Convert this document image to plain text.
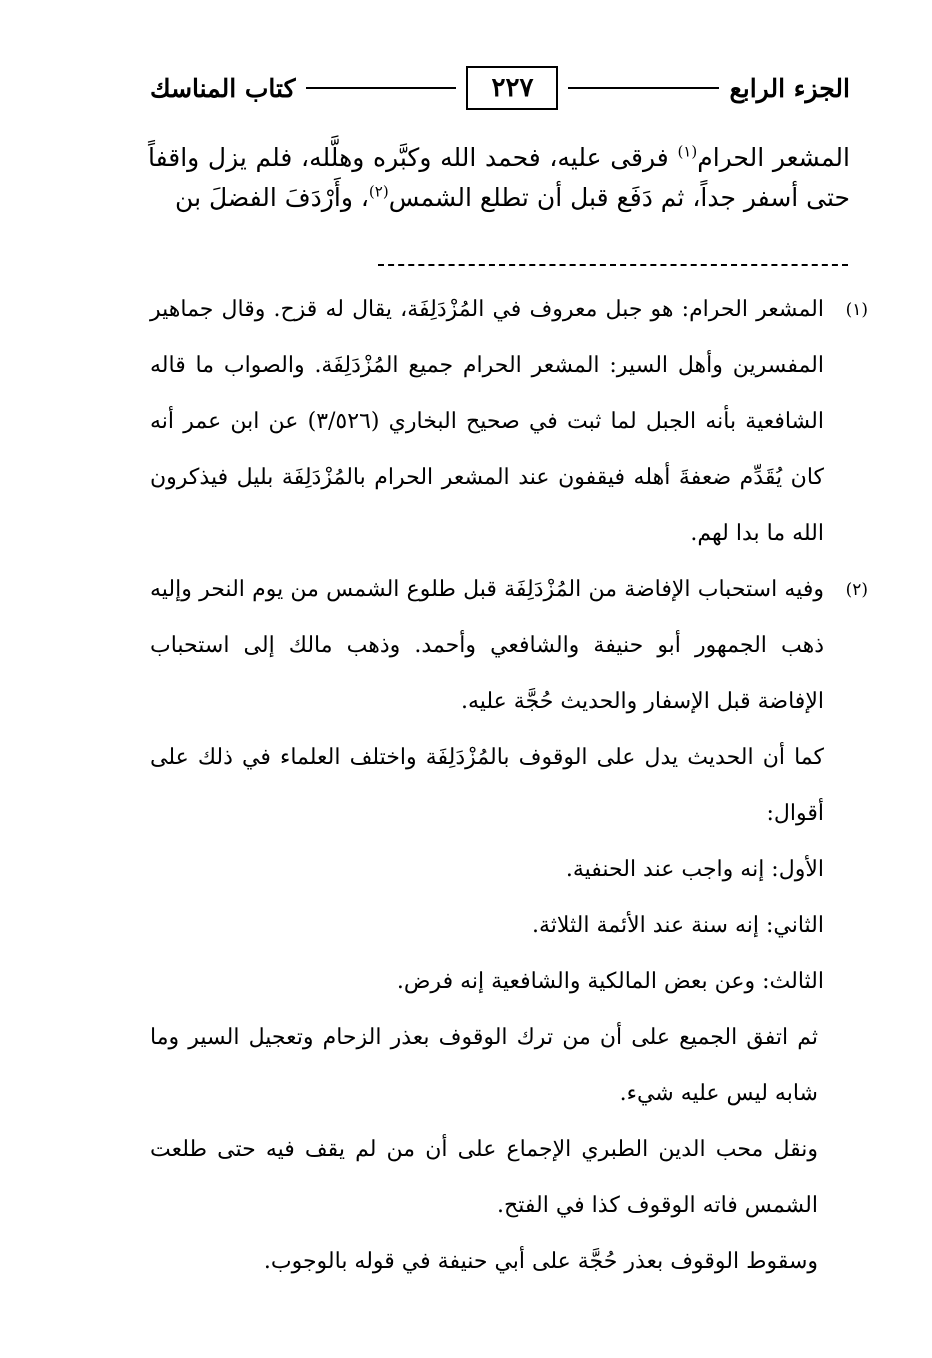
كتاب المناسك	٢٢٧	الجزء الرابع

المشعر الحرام$^{(١)}$ فرقى عليه، فحمد الله وكبَّره وهلَّله، فلم يزل واقفاً حتى أسفر جداً، ثم دَفَع قبل أن تطلع الشمس$^{(٢)}$، وأَرْدَفَ الفضلَ بن

(١)
المشعر الحرام: هو جبل معروف في المُزْدَلِفَة، يقال له قزح. وقال جماهير المفسرين وأهل السير: المشعر الحرام جميع المُزْدَلِفَة. والصواب ما قاله الشافعية بأنه الجبل لما ثبت في صحيح البخاري (٣/٥٢٦) عن ابن عمر أنه كان يُقَدِّم ضعفةَ أهله فيقفون عند المشعر الحرام بالمُزْدَلِفَة بليل فيذكرون الله ما بدا لهم.

(٢)
وفيه استحباب الإفاضة من المُزْدَلِفَة قبل طلوع الشمس من يوم النحر وإليه ذهب الجمهور أبو حنيفة والشافعي وأحمد. وذهب مالك إلى استحباب الإفاضة قبل الإسفار والحديث حُجَّة عليه.

كما أن الحديث يدل على الوقوف بالمُزْدَلِفَة واختلف العلماء في ذلك على أقوال:

الأول: إنه واجب عند الحنفية.

الثاني: إنه سنة عند الأئمة الثلاثة.

الثالث: وعن بعض المالكية والشافعية إنه فرض.

ثم اتفق الجميع على أن من ترك الوقوف بعذر الزحام وتعجيل السير وما شابه ليس عليه شيء.

ونقل محب الدين الطبري الإجماع على أن من لم يقف فيه حتى طلعت الشمس فاته الوقوف كذا في الفتح.

وسقوط الوقوف بعذر حُجَّة على أبي حنيفة في قوله بالوجوب.
